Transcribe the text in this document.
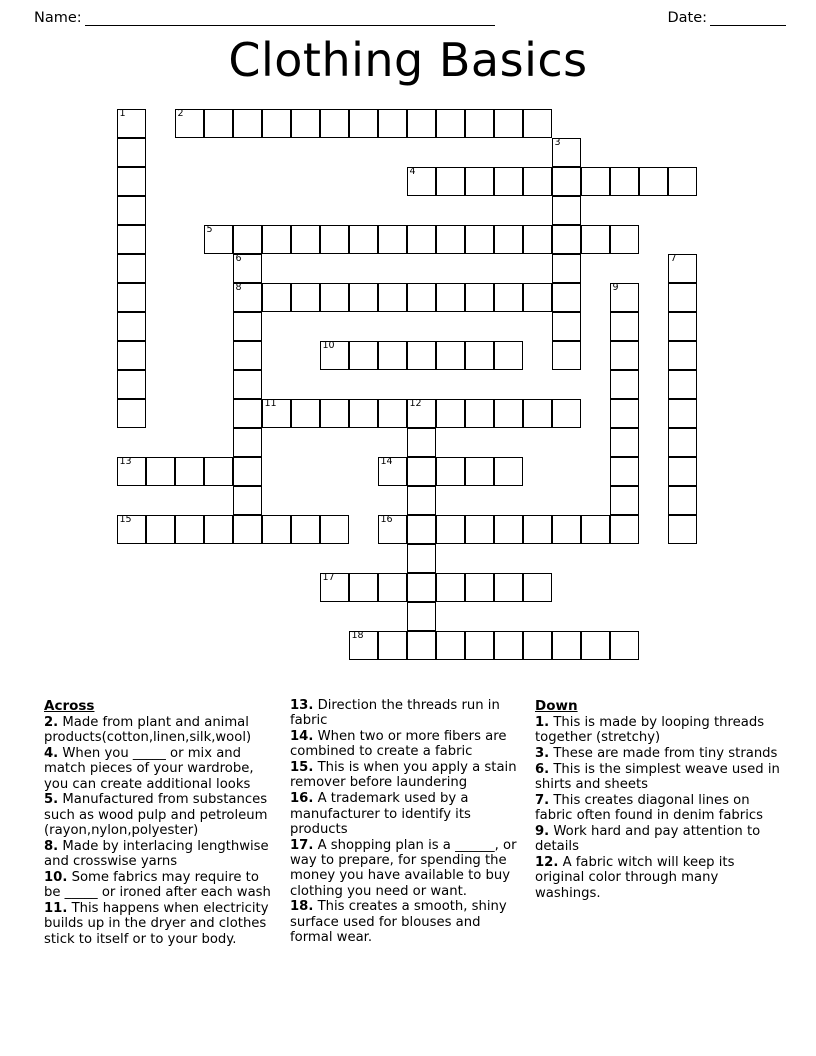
Name:	Date:
Clothing Basics
1	2
3
4
5
6
8
7
9
10
11	12
13	14
15	16
17
18
Across

2. Made from plant and animal products(cotton,linen,silk,wool)

4. When you _____ or mix and match pieces of your wardrobe, you can create additional looks

5. Manufactured from substances such as wood pulp and petroleum (rayon,nylon,polyester)

8. Made by interlacing lengthwise and crosswise yarns

10. Some fabrics may require to be _____ or ironed after each wash

11. This happens when electricity builds up in the dryer and clothes stick to itself or to your body.

13. Direction the threads run in fabric

14. When two or more fibers are combined to create a fabric

15. This is when you apply a stain remover before laundering

16. A trademark used by a manufacturer to identify its products

17. A shopping plan is a ______, or way to prepare, for spending the money you have available to buy clothing you need or want.

18. This creates a smooth, shiny surface used for blouses and formal wear.

Down

1. This is made by looping threads together (stretchy)

3. These are made from tiny strands

6. This is the simplest weave used in shirts and sheets

7. This creates diagonal lines on fabric often found in denim fabrics

9. Work hard and pay attention to details

12. A fabric witch will keep its original color through many washings.
